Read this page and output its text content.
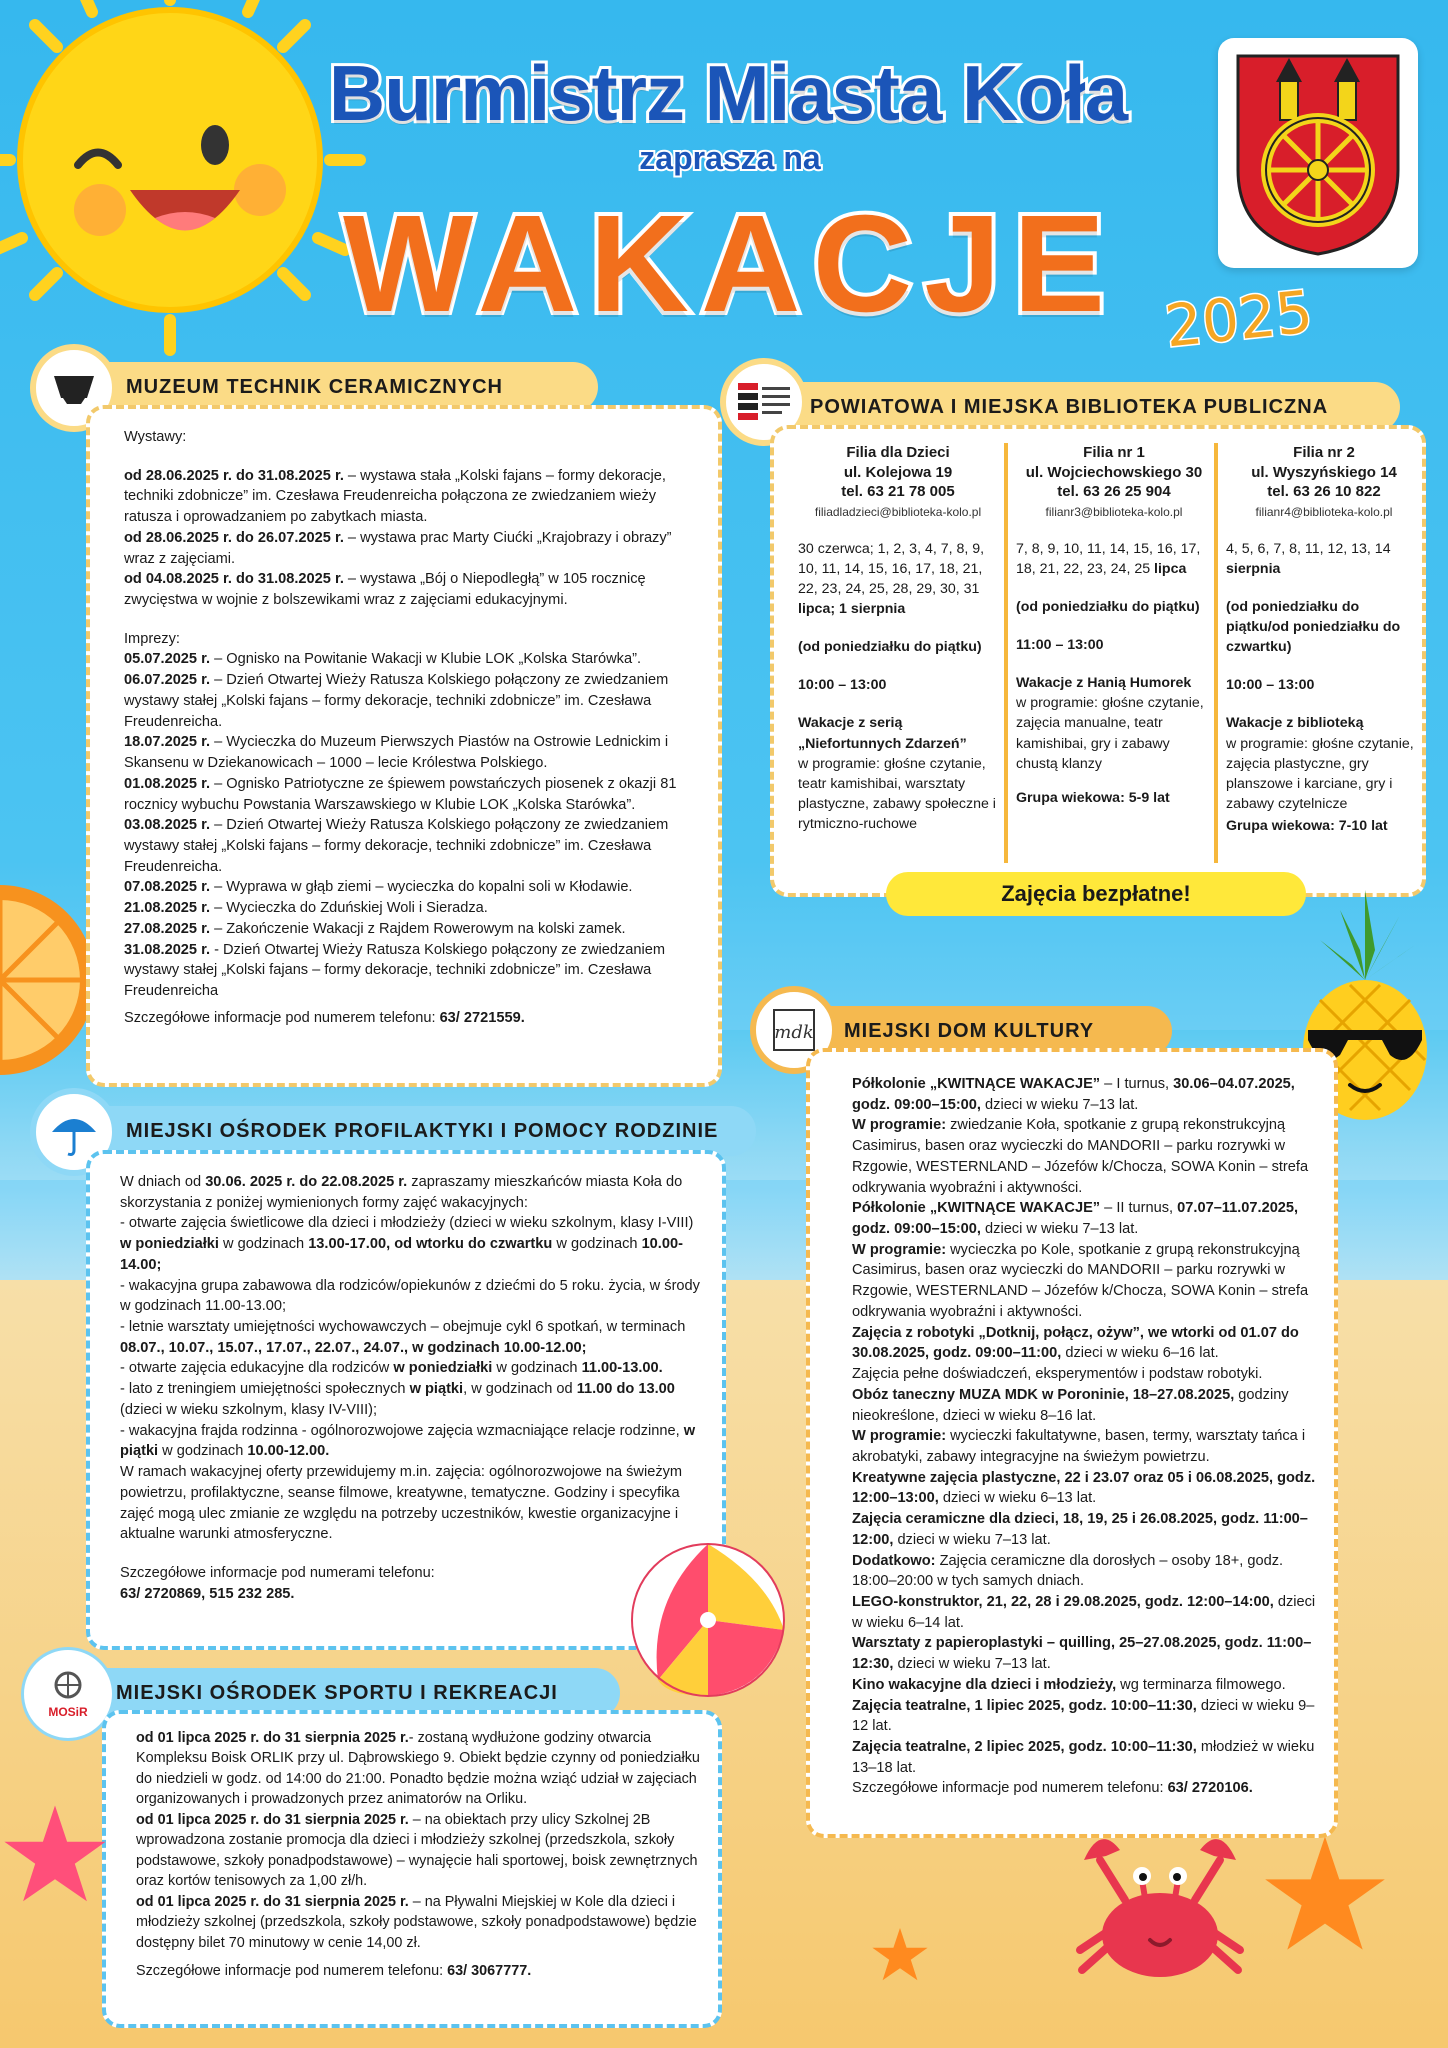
Burmistrz Miasta Koła
zaprasza na
WAKACJE 2025
MUZEUM TECHNIK CERAMICZNYCH

Wystawy:

od 28.06.2025 r. do 31.08.2025 r. – wystawa stała „Kolski fajans – formy dekoracje, techniki zdobnicze” im. Czesława Freudenreicha połączona ze zwiedzaniem wieży ratusza i oprowadzaniem po zabytkach miasta.

od 28.06.2025 r. do 26.07.2025 r. – wystawa prac Marty Ciućki „Krajobrazy i obrazy” wraz z zajęciami.

od 04.08.2025 r. do 31.08.2025 r. – wystawa „Bój o Niepodległą” w 105 rocznicę zwycięstwa w wojnie z bolszewikami wraz z zajęciami edukacyjnymi.

Imprezy:

05.07.2025 r. – Ognisko na Powitanie Wakacji w Klubie LOK „Kolska Starówka”.

06.07.2025 r. – Dzień Otwartej Wieży Ratusza Kolskiego połączony ze zwiedzaniem wystawy stałej „Kolski fajans – formy dekoracje, techniki zdobnicze” im. Czesława Freudenreicha.

18.07.2025 r. – Wycieczka do Muzeum Pierwszych Piastów na Ostrowie Lednickim i Skansenu w Dziekanowicach – 1000 – lecie Królestwa Polskiego.

01.08.2025 r. – Ognisko Patriotyczne ze śpiewem powstańczych piosenek z okazji 81 rocznicy wybuchu Powstania Warszawskiego w Klubie LOK „Kolska Starówka”.

03.08.2025 r. – Dzień Otwartej Wieży Ratusza Kolskiego połączony ze zwiedzaniem wystawy stałej „Kolski fajans – formy dekoracje, techniki zdobnicze” im. Czesława Freudenreicha.

07.08.2025 r. – Wyprawa w głąb ziemi – wycieczka do kopalni soli w Kłodawie.

21.08.2025 r. – Wycieczka do Zduńskiej Woli i Sieradza.

27.08.2025 r. – Zakończenie Wakacji z Rajdem Rowerowym na kolski zamek.

31.08.2025 r. - Dzień Otwartej Wieży Ratusza Kolskiego połączony ze zwiedzaniem wystawy stałej „Kolski fajans – formy dekoracje, techniki zdobnicze” im. Czesława Freudenreicha

Szczegółowe informacje pod numerem telefonu: 63/ 2721559.

POWIATOWA I MIEJSKA BIBLIOTEKA PUBLICZNA
Filia dla Dzieci
ul. Kolejowa 19
tel. 63 21 78 005
filiadladzieci@biblioteka-kolo.pl

30 czerwca; 1, 2, 3, 4, 7, 8, 9, 10, 11, 14, 15, 16, 17, 18, 21, 22, 23, 24, 25, 28, 29, 30, 31 lipca; 1 sierpnia

(od poniedziałku do piątku)

10:00 – 13:00

Wakacje z serią „Niefortunnych Zdarzeń”
w programie: głośne czytanie, teatr kamishibai, warsztaty plastyczne, zabawy społeczne i rytmiczno-ruchowe

Filia nr 1
ul. Wojciechowskiego 30
tel. 63 26 25 904
filianr3@biblioteka-kolo.pl

7, 8, 9, 10, 11, 14, 15, 16, 17, 18, 21, 22, 23, 24, 25 lipca

(od poniedziałku do piątku)

11:00 – 13:00

Wakacje z Hanią Humorek
w programie: głośne czytanie, zajęcia manualne, teatr kamishibai, gry i zabawy chustą klanzy

Grupa wiekowa: 5-9 lat

Filia nr 2
ul. Wyszyńskiego 14
tel. 63 26 10 822
filianr4@biblioteka-kolo.pl

4, 5, 6, 7, 8, 11, 12, 13, 14 sierpnia

(od poniedziałku do piątku/od poniedziałku do czwartku)

10:00 – 13:00

Wakacje z biblioteką
w programie: głośne czytanie, zajęcia plastyczne, gry planszowe i karciane, gry i zabawy czytelnicze

Grupa wiekowa: 7-10 lat

Zajęcia bezpłatne!
MIEJSKI OŚRODEK PROFILAKTYKI I POMOCY RODZINIE

W dniach od 30.06. 2025 r. do 22.08.2025 r. zapraszamy mieszkańców miasta Koła do skorzystania z poniżej wymienionych formy zajęć wakacyjnych:

- otwarte zajęcia świetlicowe dla dzieci i młodzieży (dzieci w wieku szkolnym, klasy I-VIII) w poniedziałki w godzinach 13.00-17.00, od wtorku do czwartku w godzinach 10.00-14.00;

- wakacyjna grupa zabawowa dla rodziców/opiekunów z dziećmi do 5 roku. życia, w środy w godzinach 11.00-13.00;

- letnie warsztaty umiejętności wychowawczych – obejmuje cykl 6 spotkań, w terminach 08.07., 10.07., 15.07., 17.07., 22.07., 24.07., w godzinach 10.00-12.00;

- otwarte zajęcia edukacyjne dla rodziców w poniedziałki w godzinach 11.00-13.00.

- lato z treningiem umiejętności społecznych w piątki, w godzinach od 11.00 do 13.00 (dzieci w wieku szkolnym, klasy IV-VIII);

- wakacyjna frajda rodzinna - ogólnorozwojowe zajęcia wzmacniające relacje rodzinne, w piątki w godzinach 10.00-12.00.

W ramach wakacyjnej oferty przewidujemy m.in. zajęcia: ogólnorozwojowe na świeżym powietrzu, profilaktyczne, seanse filmowe, kreatywne, tematyczne. Godziny i specyfika zajęć mogą ulec zmianie ze względu na potrzeby uczestników, kwestie organizacyjne i aktualne warunki atmosferyczne.

Szczegółowe informacje pod numerami telefonu:

63/ 2720869, 515 232 285.

MIEJSKI OŚRODEK SPORTU I REKREACJI
MOSiR

od 01 lipca 2025 r. do 31 sierpnia 2025 r.- zostaną wydłużone godziny otwarcia Kompleksu Boisk ORLIK przy ul. Dąbrowskiego 9. Obiekt będzie czynny od poniedziałku do niedzieli w godz. od 14:00 do 21:00. Ponadto będzie można wziąć udział w zajęciach organizowanych i prowadzonych przez animatorów na Orliku.

od 01 lipca 2025 r. do 31 sierpnia 2025 r. – na obiektach przy ulicy Szkolnej 2B wprowadzona zostanie promocja dla dzieci i młodzieży szkolnej (przedszkola, szkoły podstawowe, szkoły ponadpodstawowe) – wynajęcie hali sportowej, boisk zewnętrznych oraz kortów tenisowych za 1,00 zł/h.

od 01 lipca 2025 r. do 31 sierpnia 2025 r. – na Pływalni Miejskiej w Kole dla dzieci i młodzieży szkolnej (przedszkola, szkoły podstawowe, szkoły ponadpodstawowe) będzie dostępny bilet 70 minutowy w cenie 14,00 zł.

Szczegółowe informacje pod numerem telefonu: 63/ 3067777.

MIEJSKI DOM KULTURY
mdk

Półkolonie „KWITNĄCE WAKACJE” – I turnus, 30.06–04.07.2025, godz. 09:00–15:00, dzieci w wieku 7–13 lat.

W programie: zwiedzanie Koła, spotkanie z grupą rekonstrukcyjną Casimirus, basen oraz wycieczki do MANDORII – parku rozrywki w Rzgowie, WESTERNLAND – Józefów k/Chocza, SOWA Konin – strefa odkrywania wyobraźni i aktywności.

Półkolonie „KWITNĄCE WAKACJE” – II turnus, 07.07–11.07.2025, godz. 09:00–15:00, dzieci w wieku 7–13 lat.

W programie: wycieczka po Kole, spotkanie z grupą rekonstrukcyjną Casimirus, basen oraz wycieczki do MANDORII – parku rozrywki w Rzgowie, WESTERNLAND – Józefów k/Chocza, SOWA Konin – strefa odkrywania wyobraźni i aktywności.

Zajęcia z robotyki „Dotknij, połącz, ożyw”, we wtorki od 01.07 do 30.08.2025, godz. 09:00–11:00, dzieci w wieku 6–16 lat.

Zajęcia pełne doświadczeń, eksperymentów i podstaw robotyki.

Obóz taneczny MUZA MDK w Poroninie, 18–27.08.2025, godziny nieokreślone, dzieci w wieku 8–16 lat.

W programie: wycieczki fakultatywne, basen, termy, warsztaty tańca i akrobatyki, zabawy integracyjne na świeżym powietrzu.

Kreatywne zajęcia plastyczne, 22 i 23.07 oraz 05 i 06.08.2025, godz. 12:00–13:00, dzieci w wieku 6–13 lat.

Zajęcia ceramiczne dla dzieci, 18, 19, 25 i 26.08.2025, godz. 11:00–12:00, dzieci w wieku 7–13 lat.

Dodatkowo: Zajęcia ceramiczne dla dorosłych – osoby 18+, godz. 18:00–20:00 w tych samych dniach.

LEGO-konstruktor, 21, 22, 28 i 29.08.2025, godz. 12:00–14:00, dzieci w wieku 6–14 lat.

Warsztaty z papieroplastyki – quilling, 25–27.08.2025, godz. 11:00–12:30, dzieci w wieku 7–13 lat.

Kino wakacyjne dla dzieci i młodzieży, wg terminarza filmowego.

Zajęcia teatralne, 1 lipiec 2025, godz. 10:00–11:30, dzieci w wieku 9–12 lat.

Zajęcia teatralne, 2 lipiec 2025, godz. 10:00–11:30, młodzież w wieku 13–18 lat.

Szczegółowe informacje pod numerem telefonu: 63/ 2720106.
